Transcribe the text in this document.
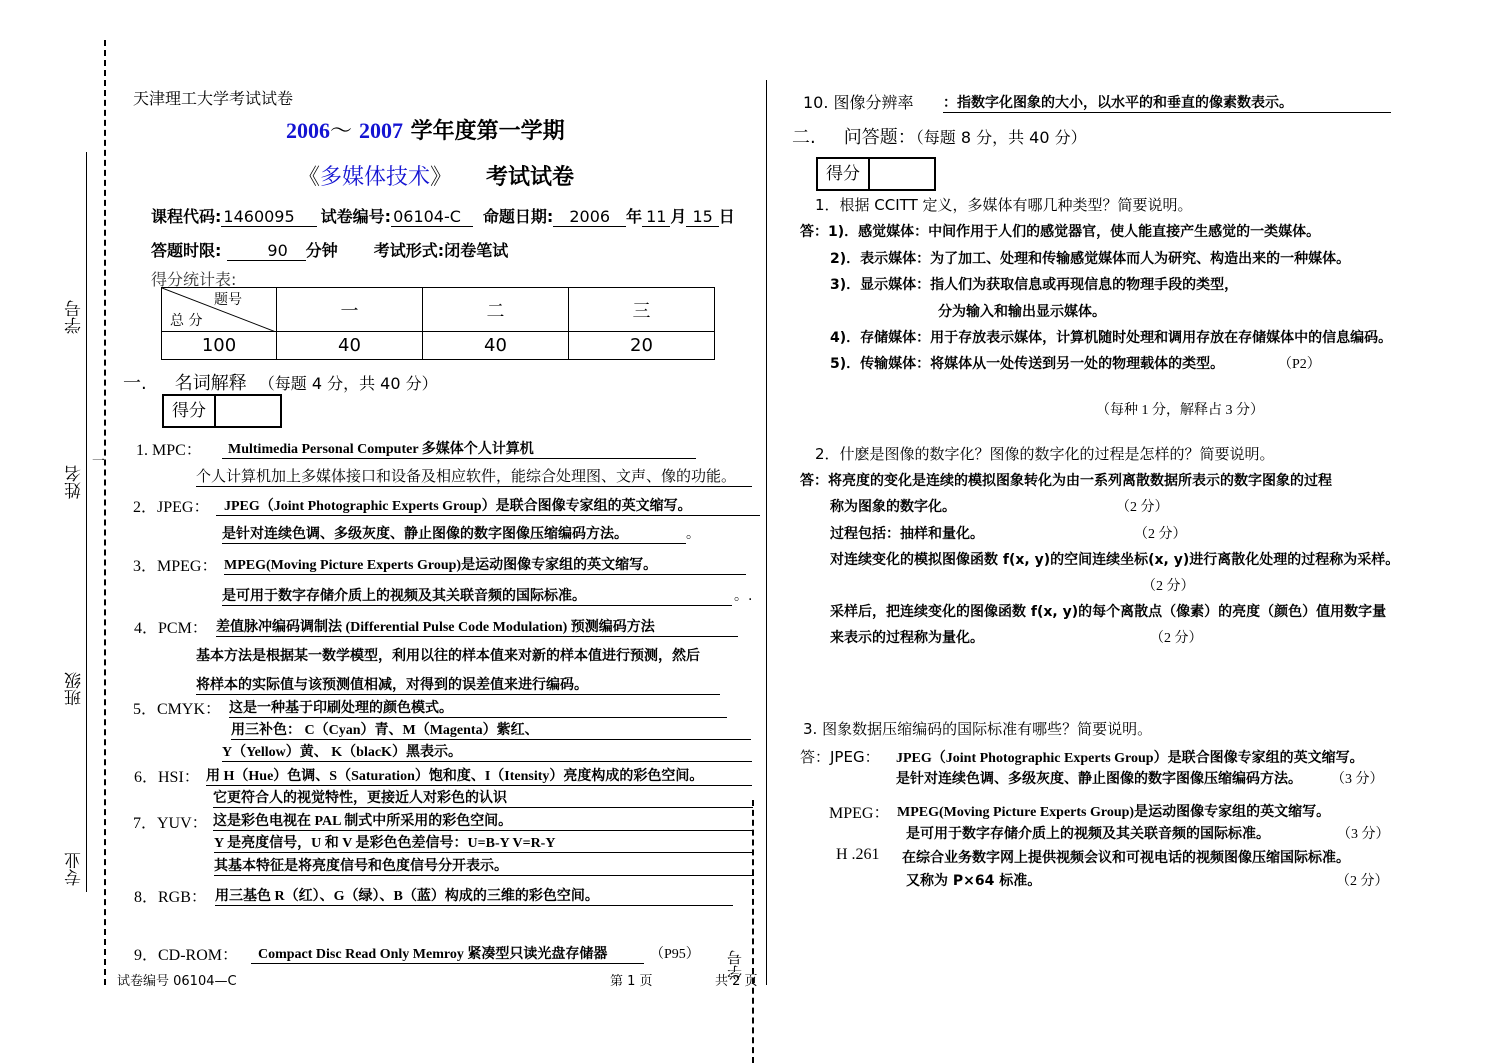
学号
姓名
班级
专业
一
学号
天津理工大学考试试卷
2006～ 2007 学年度第一学期
《多媒体技术》 考试试卷
课程代码: 1460095 试卷编号: 06104-C 命题日期: 2006 年 11 月 15 日
答题时限:	90 分钟 考试形式:闭卷笔试
得分统计表:
题号
总 分	一	二	三
100	40	40	20
一. 名词解释 （每题 4 分，共 40 分）
得分
1. MPC：	Multimedia Personal Computer 多媒体个人计算机
个人计算机加上多媒体接口和设备及相应软件，能综合处理图、文声、像的功能。
2．JPEG：	JPEG（Joint Photographic Experts Group）是联合图像专家组的英文缩写。
是针对连续色调、多级灰度、静止图像的数字图像压缩编码方法。	。
3．MPEG： MPEG(Moving Picture Experts Group)是运动图像专家组的英文缩写。
是可用于数字存储介质上的视频及其关联音频的国际标准。	。.
4．PCM： 差值脉冲编码调制法 (Differential Pulse Code Modulation) 预测编码方法
基本方法是根据某一数学模型，利用以往的样本值来对新的样本值进行预测，然后
将样本的实际值与该预测值相减，对得到的误差值来进行编码。
5．CMYK： 这是一种基于印刷处理的颜色模式。
用三补色： C（Cyan）青、M（Magenta）紫红、
Y（Yellow）黄、 K（blacK）黑表示。
6．HSI： 用 H（Hue）色调、S（Saturation）饱和度、I（Itensity）亮度构成的彩色空间。
它更符合人的视觉特性，更接近人对彩色的认识
7．YUV： 这是彩色电视在 PAL 制式中所采用的彩色空间。
Y 是亮度信号，U 和 V 是彩色色差信号：U=B-Y V=R-Y
其基本特征是将亮度信号和色度信号分开表示。
8．RGB： 用三基色 R（红）、G（绿）、B（蓝）构成的三维的彩色空间。
9．CD-ROM：	Compact Disc Read Only Memroy 紧凑型只读光盘存储器	（P95）
试卷编号 06104—C	第 1 页	共 2 页
10. 图像分辨率 ：指数字化图象的大小，以水平的和垂直的像素数表示。
二. 问答题：（每题 8 分，共 40 分）
得分
1．根据 CCITT 定义，多媒体有哪几种类型？简要说明。
答：1)．感觉媒体：中间作用于人们的感觉器官，使人能直接产生感觉的一类媒体。
2)．表示媒体：为了加工、处理和传输感觉媒体而人为研究、构造出来的一种媒体。
3)．显示媒体：指人们为获取信息或再现信息的物理手段的类型，
分为输入和输出显示媒体。
4)．存储媒体：用于存放表示媒体，计算机随时处理和调用存放在存储媒体中的信息编码。
5)．传输媒体：将媒体从一处传送到另一处的物理载体的类型。	（P2）
（每种 1 分，解释占 3 分）
2．什麽是图像的数字化？图像的数字化的过程是怎样的？简要说明。
答：将亮度的变化是连续的模拟图象转化为由一系列离散数据所表示的数字图象的过程
称为图象的数字化。	（2 分）
过程包括：抽样和量化。	（2 分）
对连续变化的模拟图像函数 f(x, y)的空间连续坐标(x, y)进行离散化处理的过程称为采样。
（2 分）
采样后，把连续变化的图像函数 f(x, y)的每个离散点（像素）的亮度（颜色）值用数字量
来表示的过程称为量化。	（2 分）
3. 图象数据压缩编码的国际标准有哪些？简要说明。
答：JPEG： JPEG（Joint Photographic Experts Group）是联合图像专家组的英文缩写。
是针对连续色调、多级灰度、静止图像的数字图像压缩编码方法。 （3 分）
MPEG： MPEG(Moving Picture Experts Group)是运动图像专家组的英文缩写。
是可用于数字存储介质上的视频及其关联音频的国际标准。	（3 分）
H .261 在综合业务数字网上提供视频会议和可视电话的视频图像压缩国际标准。
又称为 P×64 标准。	（2 分）
